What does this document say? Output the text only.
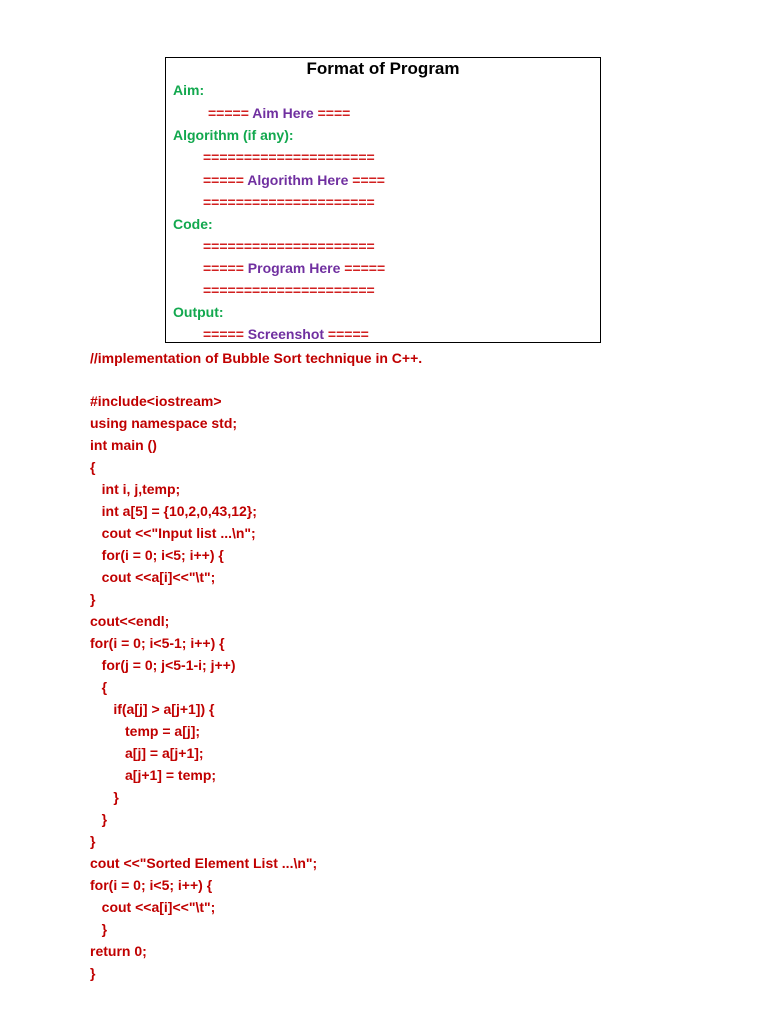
Format of Program
Aim:
===== Aim Here ====
Algorithm (if any):
=====================
===== Algorithm Here ====
=====================
Code:
=====================
===== Program Here =====
=====================
Output:
===== Screenshot =====
//implementation of Bubble Sort technique in C++.
#include<iostream>
using namespace std;
int main ()
{
int i, j,temp;
int a[5] = {10,2,0,43,12};
cout <<"Input list ...\n";
for(i = 0; i<5; i++) {
cout <<a[i]<<"\t";
}
cout<<endl;
for(i = 0; i<5-1; i++) {
for(j = 0; j<5-1-i; j++)
{
if(a[j] > a[j+1]) {
temp = a[j];
a[j] = a[j+1];
a[j+1] = temp;
}
}
}
cout <<"Sorted Element List ...\n";
for(i = 0; i<5; i++) {
cout <<a[i]<<"\t";
}
return 0;
}
